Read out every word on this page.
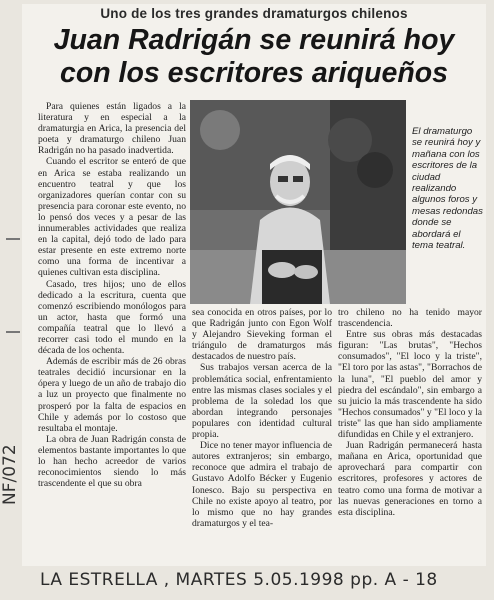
Uno de los tres grandes dramaturgos chilenos
Juan Radrigán se reunirá hoy
con los escritores ariqueños

Para quienes están ligados a la literatura y en especial a la dramaturgia en Arica, la presencia del poeta y dramaturgo chileno Juan Radrigán no ha pasado inadvertida.

Cuando el escritor se enteró de que en Arica se estaba realizando un encuentro teatral y que los organizadores querían contar con su presencia para coronar este evento, no lo pensó dos veces y a pesar de las innumerables actividades que realiza en la capital, dejó todo de lado para estar presente en este extremo norte como una forma de incentivar a quienes cultivan esta disciplina.

Casado, tres hijos; uno de ellos dedicado a la escritura, cuenta que comenzó escribiendo monólogos para un actor, hasta que formó una compañía teatral que lo llevó a recorrer casi todo el mundo en la década de los ochenta.

Además de escribir más de 26 obras teatrales decidió incursionar en la ópera y luego de un año de trabajo dio a luz un proyecto que finalmente no prosperó por la falta de espacios en Chile y además por lo costoso que resultaba el montaje.

La obra de Juan Radrigán consta de elementos bastante importantes lo que lo han hecho acreedor de varios reconocimientos siendo lo más trascendente el que su obra

El dramaturgo se reunirá hoy y mañana con los escritores de la ciudad realizando algunos foros y mesas redondas donde se abordará el tema teatral.

sea conocida en otros países, por lo que Radrigán junto con Egon Wolf y Alejandro Sieveking forman el triángulo de dramaturgos más destacados de nuestro país.

Sus trabajos versan acerca de la problemática social, enfrentamiento entre las mismas clases sociales y el problema de la soledad los que abordan integrando personajes populares con identidad cultural propia.

Dice no tener mayor influencia de autores extranjeros; sin embargo, reconoce que admira el trabajo de Gustavo Adolfo Bécker y Eugenio Ionesco. Bajo su perspectiva en Chile no existe apoyo al teatro, por lo mismo que no hay grandes dramaturgos y el tea-

tro chileno no ha tenido mayor trascendencia.

Entre sus obras más destacadas figuran: "Las brutas", "Hechos consumados", "El loco y la triste", "El toro por las astas", "Borrachos de la luna", "El pueblo del amor y piedra del escándalo", sin embargo a su juicio la más trascendente ha sido "Hechos consumados" y "El loco y la triste" las que han sido ampliamente difundidas en Chile y el extranjero.

Juan Radrigán permanecerá hasta mañana en Arica, oportunidad que aprovechará para compartir con escritores, profesores y actores de teatro como una forma de motivar a las nuevas generaciones en torno a esta disciplina.

NF/072
LA ESTRELLA , MARTES 5.05.1998 pp. A - 18
